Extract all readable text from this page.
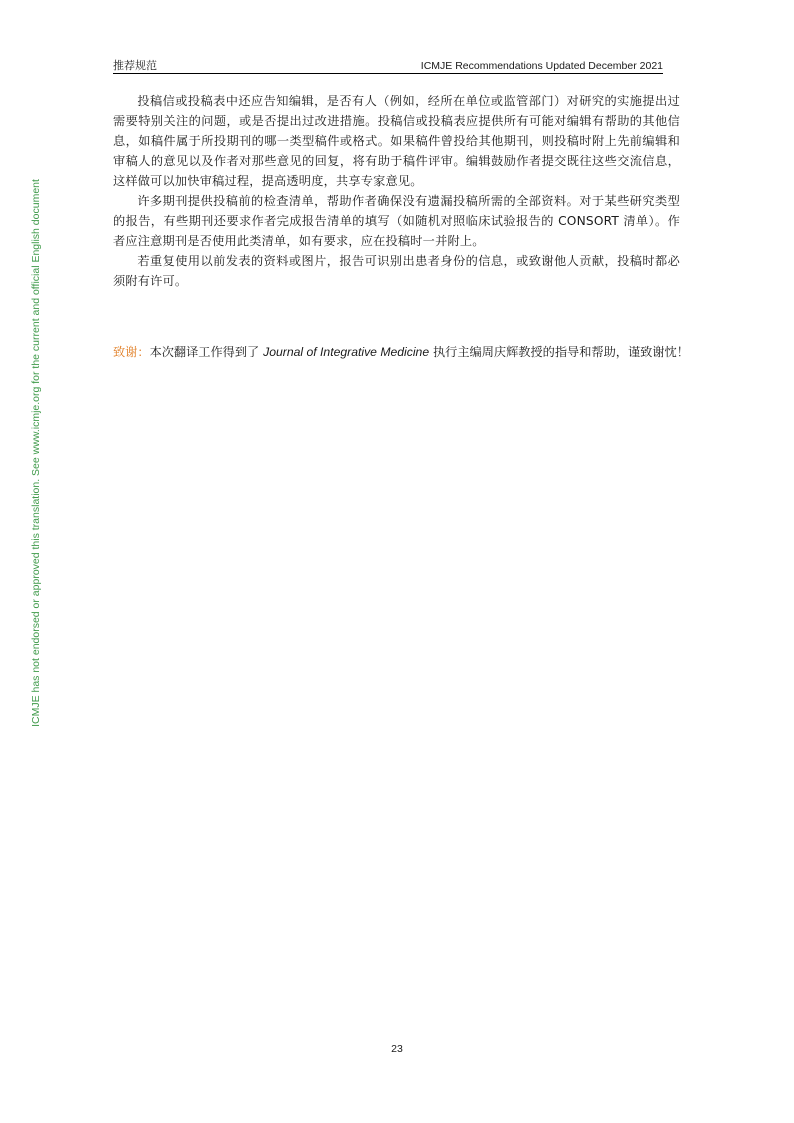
推荐规范	ICMJE Recommendations Updated December 2021
ICMJE has not endorsed or approved this translation. See www.icmje.org for the current and official English document

投稿信或投稿表中还应告知编辑，是否有人（例如，经所在单位或监管部门）对研究的实施提出过需要特别关注的问题，或是否提出过改进措施。投稿信或投稿表应提供所有可能对编辑有帮助的其他信息，如稿件属于所投期刊的哪一类型稿件或格式。如果稿件曾投给其他期刊，则投稿时附上先前编辑和审稿人的意见以及作者对那些意见的回复，将有助于稿件评审。编辑鼓励作者提交既往这些交流信息，这样做可以加快审稿过程，提高透明度，共享专家意见。

许多期刊提供投稿前的检查清单，帮助作者确保没有遗漏投稿所需的全部资料。对于某些研究类型的报告，有些期刊还要求作者完成报告清单的填写（如随机对照临床试验报告的 CONSORT 清单）。作者应注意期刊是否使用此类清单，如有要求，应在投稿时一并附上。

若重复使用以前发表的资料或图片，报告可识别出患者身份的信息，或致谢他人贡献，投稿时都必须附有许可。

致谢：本次翻译工作得到了 Journal of Integrative Medicine 执行主编周庆辉教授的指导和帮助，谨致谢忱！
23
